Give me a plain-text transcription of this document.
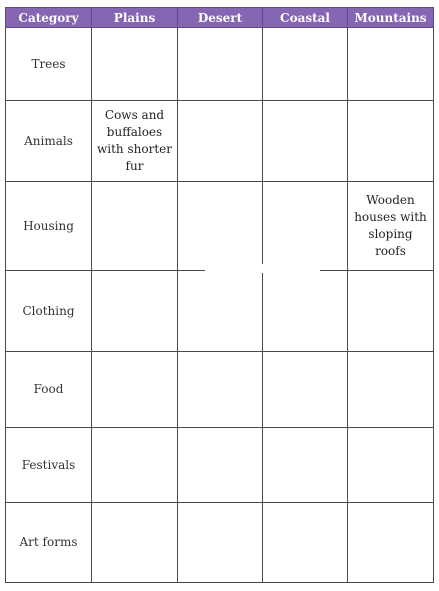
Category	Plains	Desert	Coastal	Mountains
Trees				
Animals	Cows and buffaloes with shorter fur			
Housing				Wooden houses with sloping roofs
Clothing				
Food				
Festivals				
Art forms				
